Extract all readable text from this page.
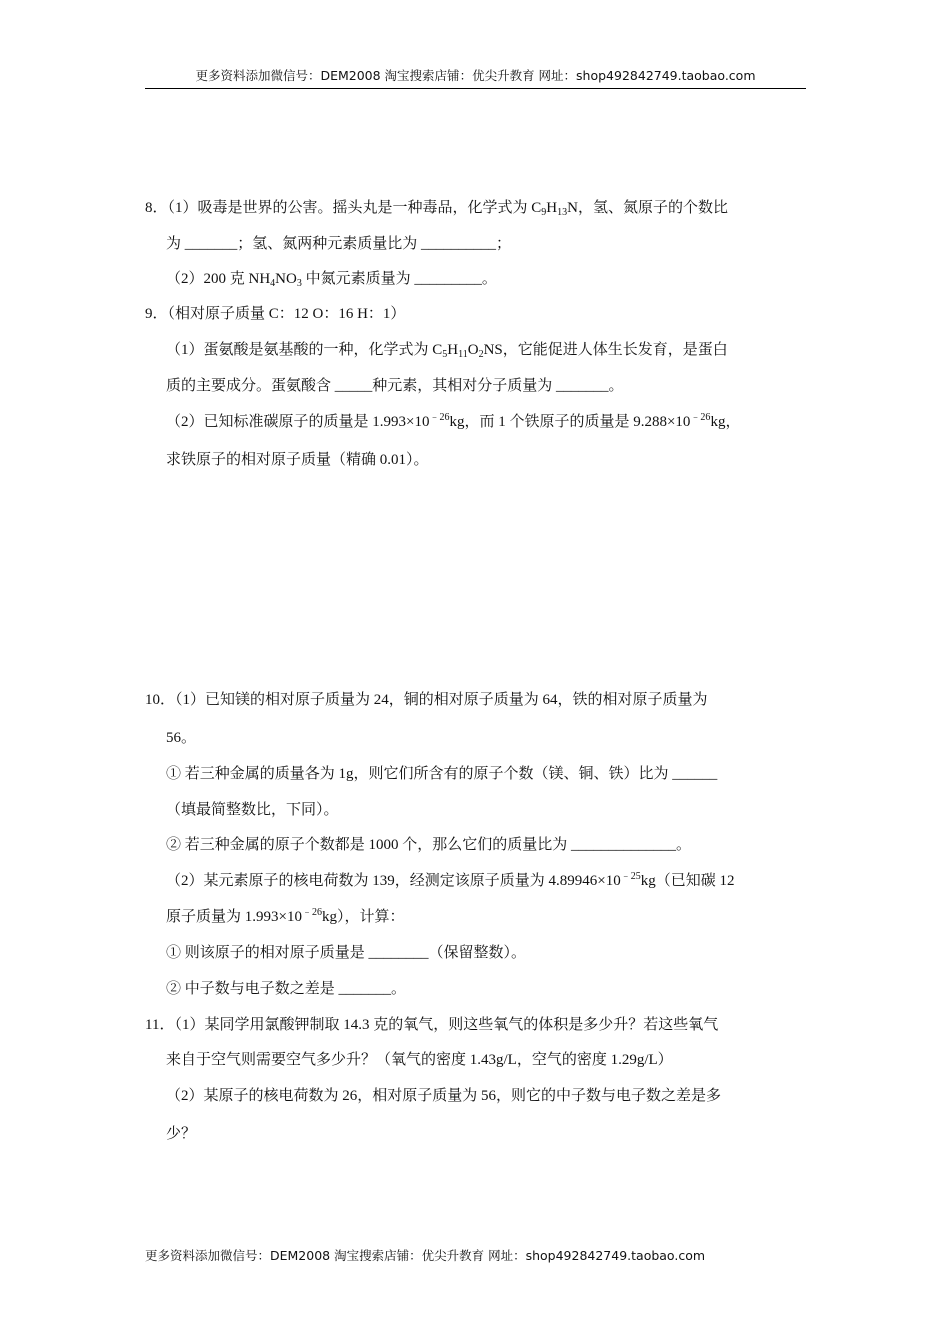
更多资料添加微信号：DEM2008 淘宝搜索店铺：优尖升教育 网址：shop492842749.taobao.com
8．（1）吸毒是世界的公害。摇头丸是一种毒品，化学式为 $C_9H_{13}N$，氢、氮原子的个数比
为 _______；氢、氮两种元素质量比为 __________；
（2）200 克 $NH_4NO_3$ 中氮元素质量为 _________。
9．（相对原子质量 C：12 O：16 H：1）
（1）蛋氨酸是氨基酸的一种，化学式为 $C_5H_{11}O_2NS$，它能促进人体生长发育，是蛋白
质的主要成分。蛋氨酸含 _____种元素，其相对分子质量为 _______。
（2）已知标准碳原子的质量是 $1.993\times 10^{﹣26}kg$，而 1 个铁原子的质量是 $9.288\times 10^{﹣26}kg$，
求铁原子的相对原子质量（精确 0.01）。
10．（1）已知镁的相对原子质量为 24，铜的相对原子质量为 64，铁的相对原子质量为
56。
① 若三种金属的质量各为 1g，则它们所含有的原子个数（镁、铜、铁）比为 ______
（填最简整数比，下同）。
② 若三种金属的原子个数都是 1000 个，那么它们的质量比为 ______________。
（2）某元素原子的核电荷数为 139，经测定该原子质量为 $4.89946\times 10^{﹣25}kg$（已知碳 12
原子质量为 $1.993\times 10^{﹣26}kg$），计算：
① 则该原子的相对原子质量是 ________（保留整数）。
② 中子数与电子数之差是 _______。
11．（1）某同学用氯酸钾制取 14.3 克的氧气，则这些氧气的体积是多少升？若这些氧气
来自于空气则需要空气多少升？（氧气的密度 1.43g/L，空气的密度 1.29g/L）
（2）某原子的核电荷数为 26，相对原子质量为 56，则它的中子数与电子数之差是多
少？
更多资料添加微信号：DEM2008 淘宝搜索店铺：优尖升教育 网址：shop492842749.taobao.com
